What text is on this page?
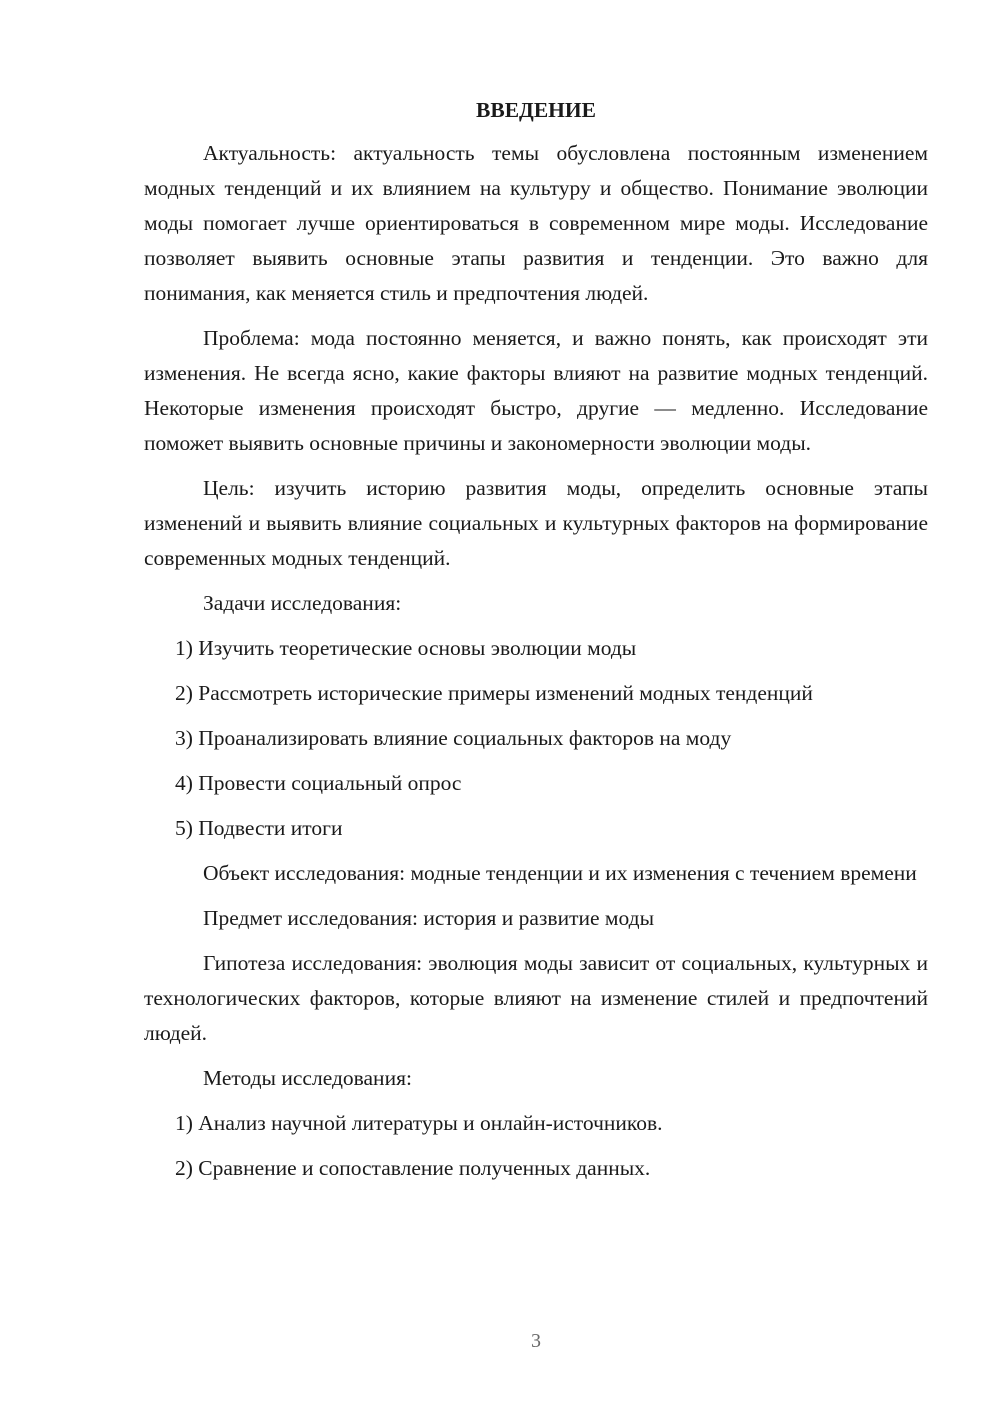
ВВЕДЕНИЕ

Актуальность: актуальность темы обусловлена постоянным изменением модных тенденций и их влиянием на культуру и общество. Понимание эволюции моды помогает лучше ориентироваться в современном мире моды. Исследование позволяет выявить основные этапы развития и тенденции. Это важно для понимания, как меняется стиль и предпочтения людей.

Проблема: мода постоянно меняется, и важно понять, как происходят эти изменения. Не всегда ясно, какие факторы влияют на развитие модных тенденций. Некоторые изменения происходят быстро, другие — медленно. Исследование поможет выявить основные причины и закономерности эволюции моды.

Цель: изучить историю развития моды, определить основные этапы изменений и выявить влияние социальных и культурных факторов на формирование современных модных тенденций.

Задачи исследования:

1) Изучить теоретические основы эволюции моды

2) Рассмотреть исторические примеры изменений модных тенденций

3) Проанализировать влияние социальных факторов на моду

4) Провести социальный опрос

5) Подвести итоги

Объект исследования: модные тенденции и их изменения с течением времени

Предмет исследования: история и развитие моды

Гипотеза исследования: эволюция моды зависит от социальных, культурных и технологических факторов, которые влияют на изменение стилей и предпочтений людей.

Методы исследования:

1) Анализ научной литературы и онлайн-источников.

2) Сравнение и сопоставление полученных данных.

3
